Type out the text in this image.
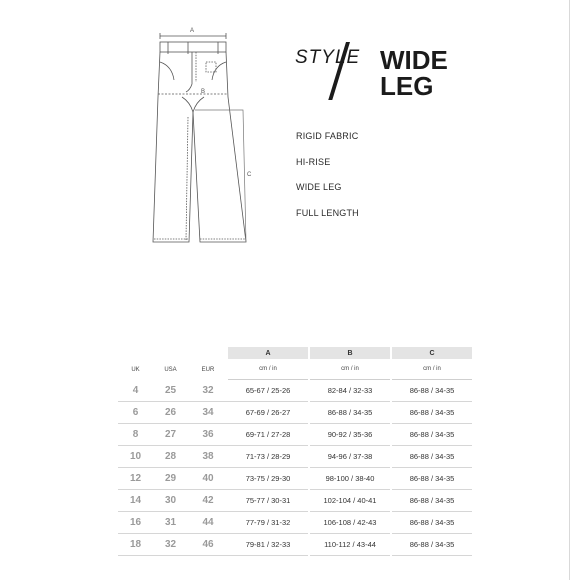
A
B
C
STYLE WIDE
LEG
RIGID FABRIC
HI-RISE
WIDE LEG
FULL LENGTH
			A		B		C
UK	USA	EUR	cm / in		cm / in		cm / in
4	25	32	65-67 / 25-26		82-84 / 32-33		86-88 / 34-35
6	26	34	67-69 / 26-27		86-88 / 34-35		86-88 / 34-35
8	27	36	69-71 / 27-28		90-92 / 35-36		86-88 / 34-35
10	28	38	71-73 / 28-29		94-96 / 37-38		86-88 / 34-35
12	29	40	73-75 / 29-30		98-100 / 38-40		86-88 / 34-35
14	30	42	75-77 / 30-31		102-104 / 40-41		86-88 / 34-35
16	31	44	77-79 / 31-32		106-108 / 42-43		86-88 / 34-35
18	32	46	79-81 / 32-33		110-112 / 43-44		86-88 / 34-35
